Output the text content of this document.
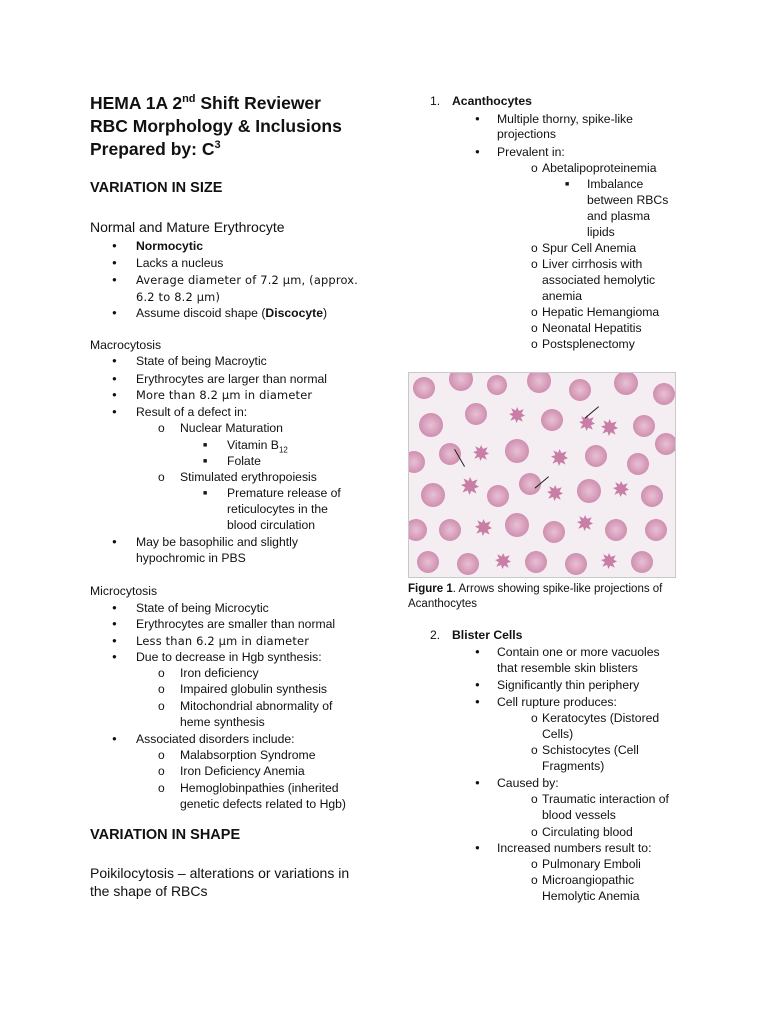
HEMA 1A 2nd Shift Reviewer
RBC Morphology & Inclusions
Prepared by: $C^3$
VARIATION IN SIZE
Normal and Mature Erythrocyte
●
Normocytic
●
Lacks a nucleus
●
Average diameter of 7.2 μm, (approx.
6.2 to 8.2 μm)
●
Assume discoid shape (Discocyte)
Macrocytosis
●
State of being Macroytic
●
Erythrocytes are larger than normal
●
More than 8.2 μm in diameter
●
Result of a defect in:
o
Nuclear Maturation
■
Vitamin $B_{12}$
■
Folate
o
Stimulated erythropoiesis
■
Premature release of
reticulocytes in the
blood circulation
●
May be basophilic and slightly
hypochromic in PBS
Microcytosis
●
State of being Microcytic
●
Erythrocytes are smaller than normal
●
Less than 6.2 μm in diameter
●
Due to decrease in Hgb synthesis:
o
Iron deficiency
o
Impaired globulin synthesis
o
Mitochondrial abnormality of
heme synthesis
●
Associated disorders include:
o
Malabsorption Syndrome
o
Iron Deficiency Anemia
o
Hemoglobinpathies (inherited
genetic defects related to Hgb)
VARIATION IN SHAPE
Poikilocytosis – alterations or variations in
the shape of RBCs
1. Acanthocytes
●
Multiple thorny, spike-like
projections
●
Prevalent in:
o
Abetalipoproteinemia
■
Imbalance
between RBCs
and plasma
lipids
o
Spur Cell Anemia
o
Liver cirrhosis with
associated hemolytic
anemia
o
Hepatic Hemangioma
o
Neonatal Hepatitis
o
Postsplenectomy
Figure 1. Arrows showing spike-like projections of
Acanthocytes
2. Blister Cells
●
Contain one or more vacuoles
that resemble skin blisters
●
Significantly thin periphery
●
Cell rupture produces:
o
Keratocytes (Distored
Cells)
o
Schistocytes (Cell
Fragments)
●
Caused by:
o
Traumatic interaction of
blood vessels
o
Circulating blood
●
Increased numbers result to:
o
Pulmonary Emboli
o
Microangiopathic
Hemolytic Anemia
